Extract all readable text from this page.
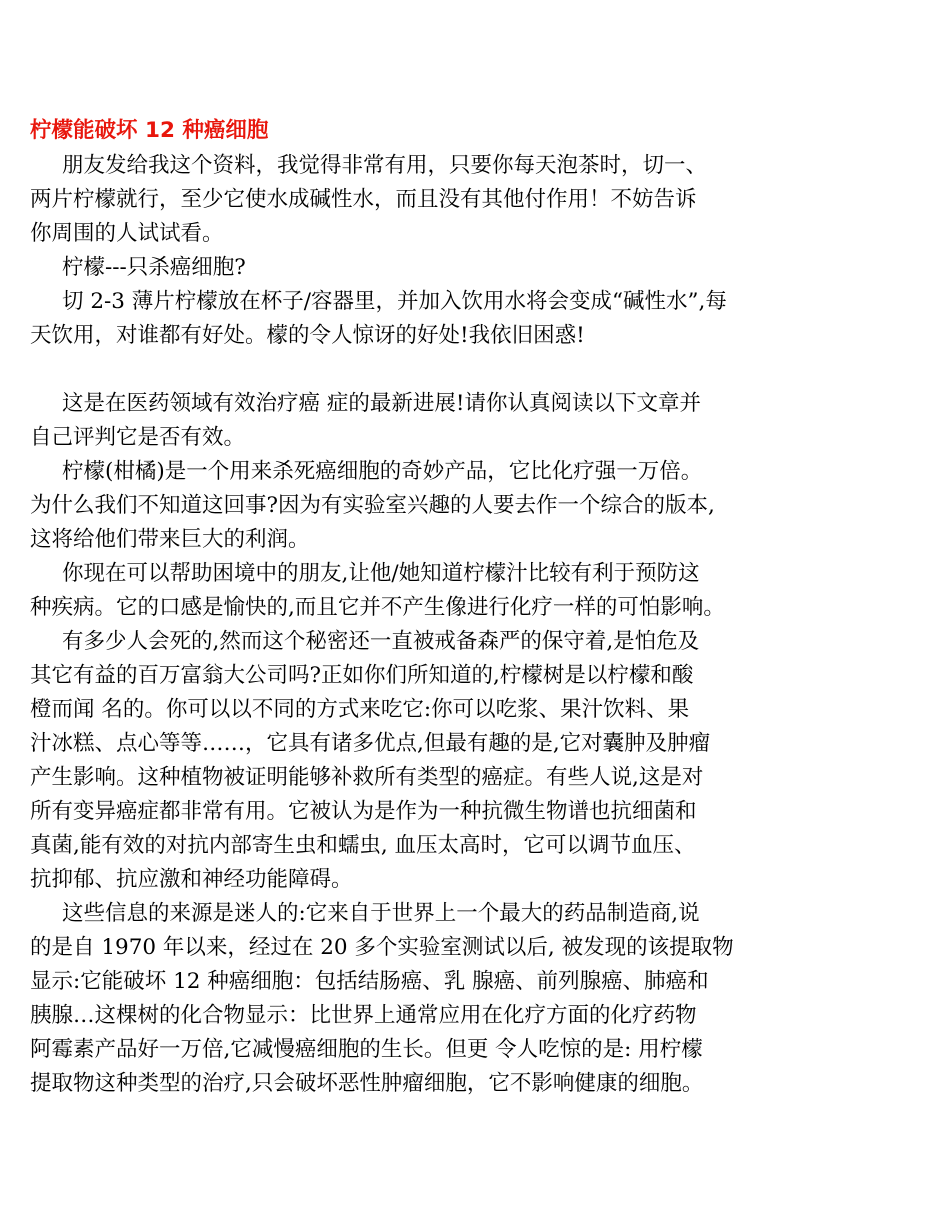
柠檬能破坏 12 种癌细胞
朋友发给我这个资料，我觉得非常有用，只要你每天泡茶时，切一、
两片柠檬就行，至少它使水成碱性水，而且没有其他付作用！不妨告诉
你周围的人试试看。
柠檬---只杀癌细胞?
切 2-3 薄片柠檬放在杯子/容器里，并加入饮用水将会变成“碱性水”,每
天饮用，对谁都有好处。檬的令人惊讶的好处!我依旧困惑!
这是在医药领域有效治疗癌 症的最新进展!请你认真阅读以下文章并
自己评判它是否有效。
柠檬(柑橘)是一个用来杀死癌细胞的奇妙产品，它比化疗强一万倍。
为什么我们不知道这回事?因为有实验室兴趣的人要去作一个综合的版本,
这将给他们带来巨大的利润。
你现在可以帮助困境中的朋友,让他/她知道柠檬汁比较有利于预防这
种疾病。它的口感是愉快的,而且它并不产生像进行化疗一样的可怕影响。
有多少人会死的,然而这个秘密还一直被戒备森严的保守着,是怕危及
其它有益的百万富翁大公司吗?正如你们所知道的,柠檬树是以柠檬和酸
橙而闻 名的。你可以以不同的方式来吃它:你可以吃浆、果汁饮料、果
汁冰糕、点心等等……，它具有诸多优点,但最有趣的是,它对囊肿及肿瘤
产生影响。这种植物被证明能够补救所有类型的癌症。有些人说,这是对
所有变异癌症都非常有用。它被认为是作为一种抗微生物谱也抗细菌和
真菌,能有效的对抗内部寄生虫和蠕虫, 血压太高时，它可以调节血压、
抗抑郁、抗应激和神经功能障碍。
这些信息的来源是迷人的:它来自于世界上一个最大的药品制造商,说
的是自 1970 年以来，经过在 20 多个实验室测试以后, 被发现的该提取物
显示:它能破坏 12 种癌细胞：包括结肠癌、乳 腺癌、前列腺癌、肺癌和
胰腺…这棵树的化合物显示：比世界上通常应用在化疗方面的化疗药物
阿霉素产品好一万倍,它减慢癌细胞的生长。但更 令人吃惊的是: 用柠檬
提取物这种类型的治疗,只会破坏恶性肿瘤细胞，它不影响健康的细胞。
